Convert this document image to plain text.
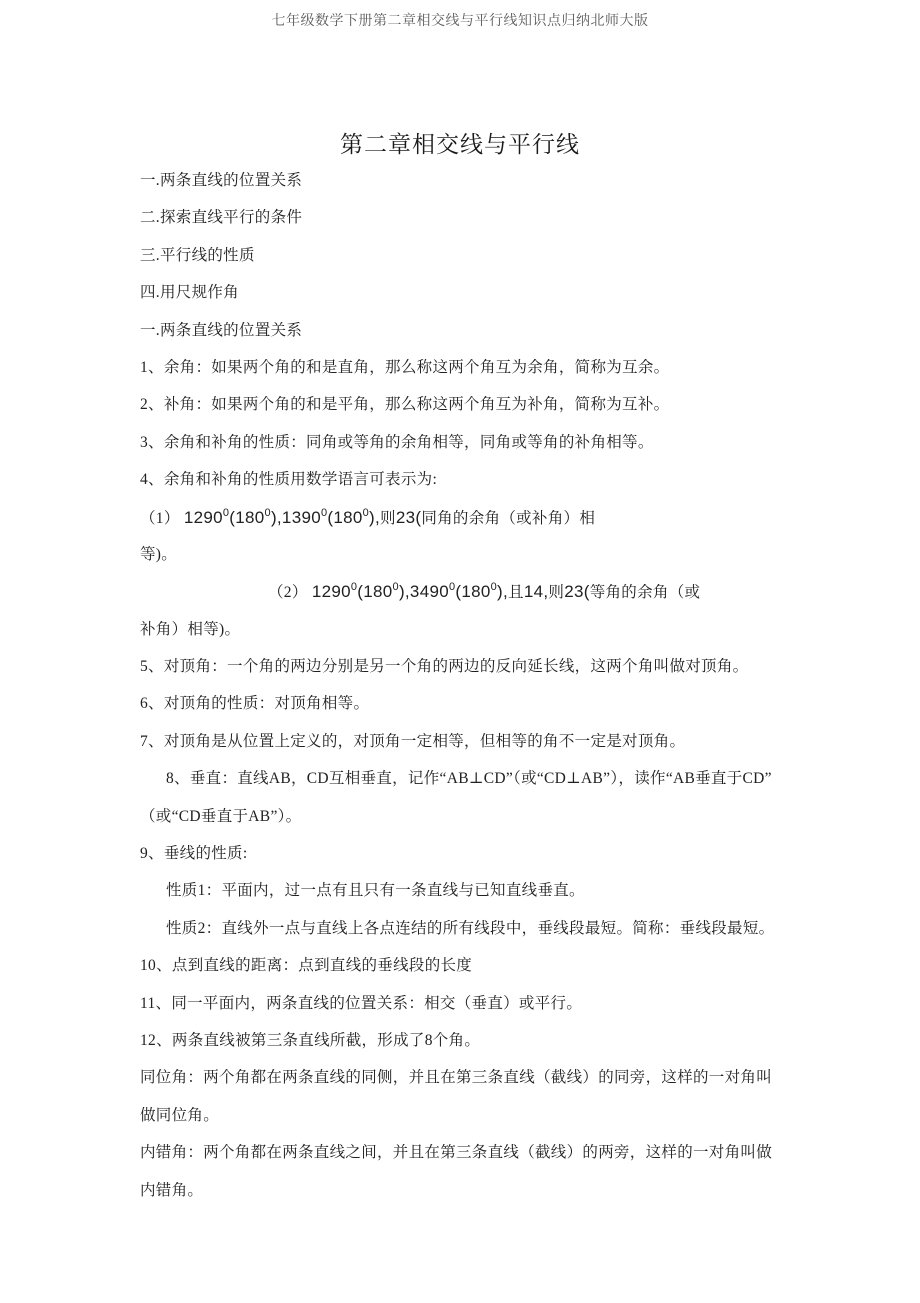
七年级数学下册第二章相交线与平行线知识点归纳北师大版
第二章相交线与平行线
一.两条直线的位置关系
二.探索直线平行的条件
三.平行线的性质
四.用尺规作角
一.两条直线的位置关系
1、余角：如果两个角的和是直角，那么称这两个角互为余角，简称为互余。
2、补角：如果两个角的和是平角，那么称这两个角互为补角，简称为互补。
3、余角和补角的性质：同角或等角的余角相等，同角或等角的补角相等。
4、余角和补角的性质用数学语言可表示为:
（1） $1290^0(180^0),1390^0(180^0)$,则23(同角的余角（或补角）相
等)。
（2） $1290^0(180^0),3490^0(180^0)$,且14,则23(等角的余角（或
补角）相等)。
5、对顶角：一个角的两边分别是另一个角的两边的反向延长线，这两个角叫做对顶角。
6、对顶角的性质：对顶角相等。
7、对顶角是从位置上定义的，对顶角一定相等，但相等的角不一定是对顶角。
8、垂直：直线AB，CD互相垂直，记作“AB⊥CD”（或“CD⊥AB”），读作“AB垂直于CD”
（或“CD垂直于AB”）。
9、垂线的性质:
性质1：平面内，过一点有且只有一条直线与已知直线垂直。
性质2：直线外一点与直线上各点连结的所有线段中，垂线段最短。简称：垂线段最短。
10、点到直线的距离：点到直线的垂线段的长度
11、同一平面内，两条直线的位置关系：相交（垂直）或平行。
12、两条直线被第三条直线所截，形成了8个角。
同位角：两个角都在两条直线的同侧，并且在第三条直线（截线）的同旁，这样的一对角叫
做同位角。
内错角：两个角都在两条直线之间，并且在第三条直线（截线）的两旁，这样的一对角叫做
内错角。
